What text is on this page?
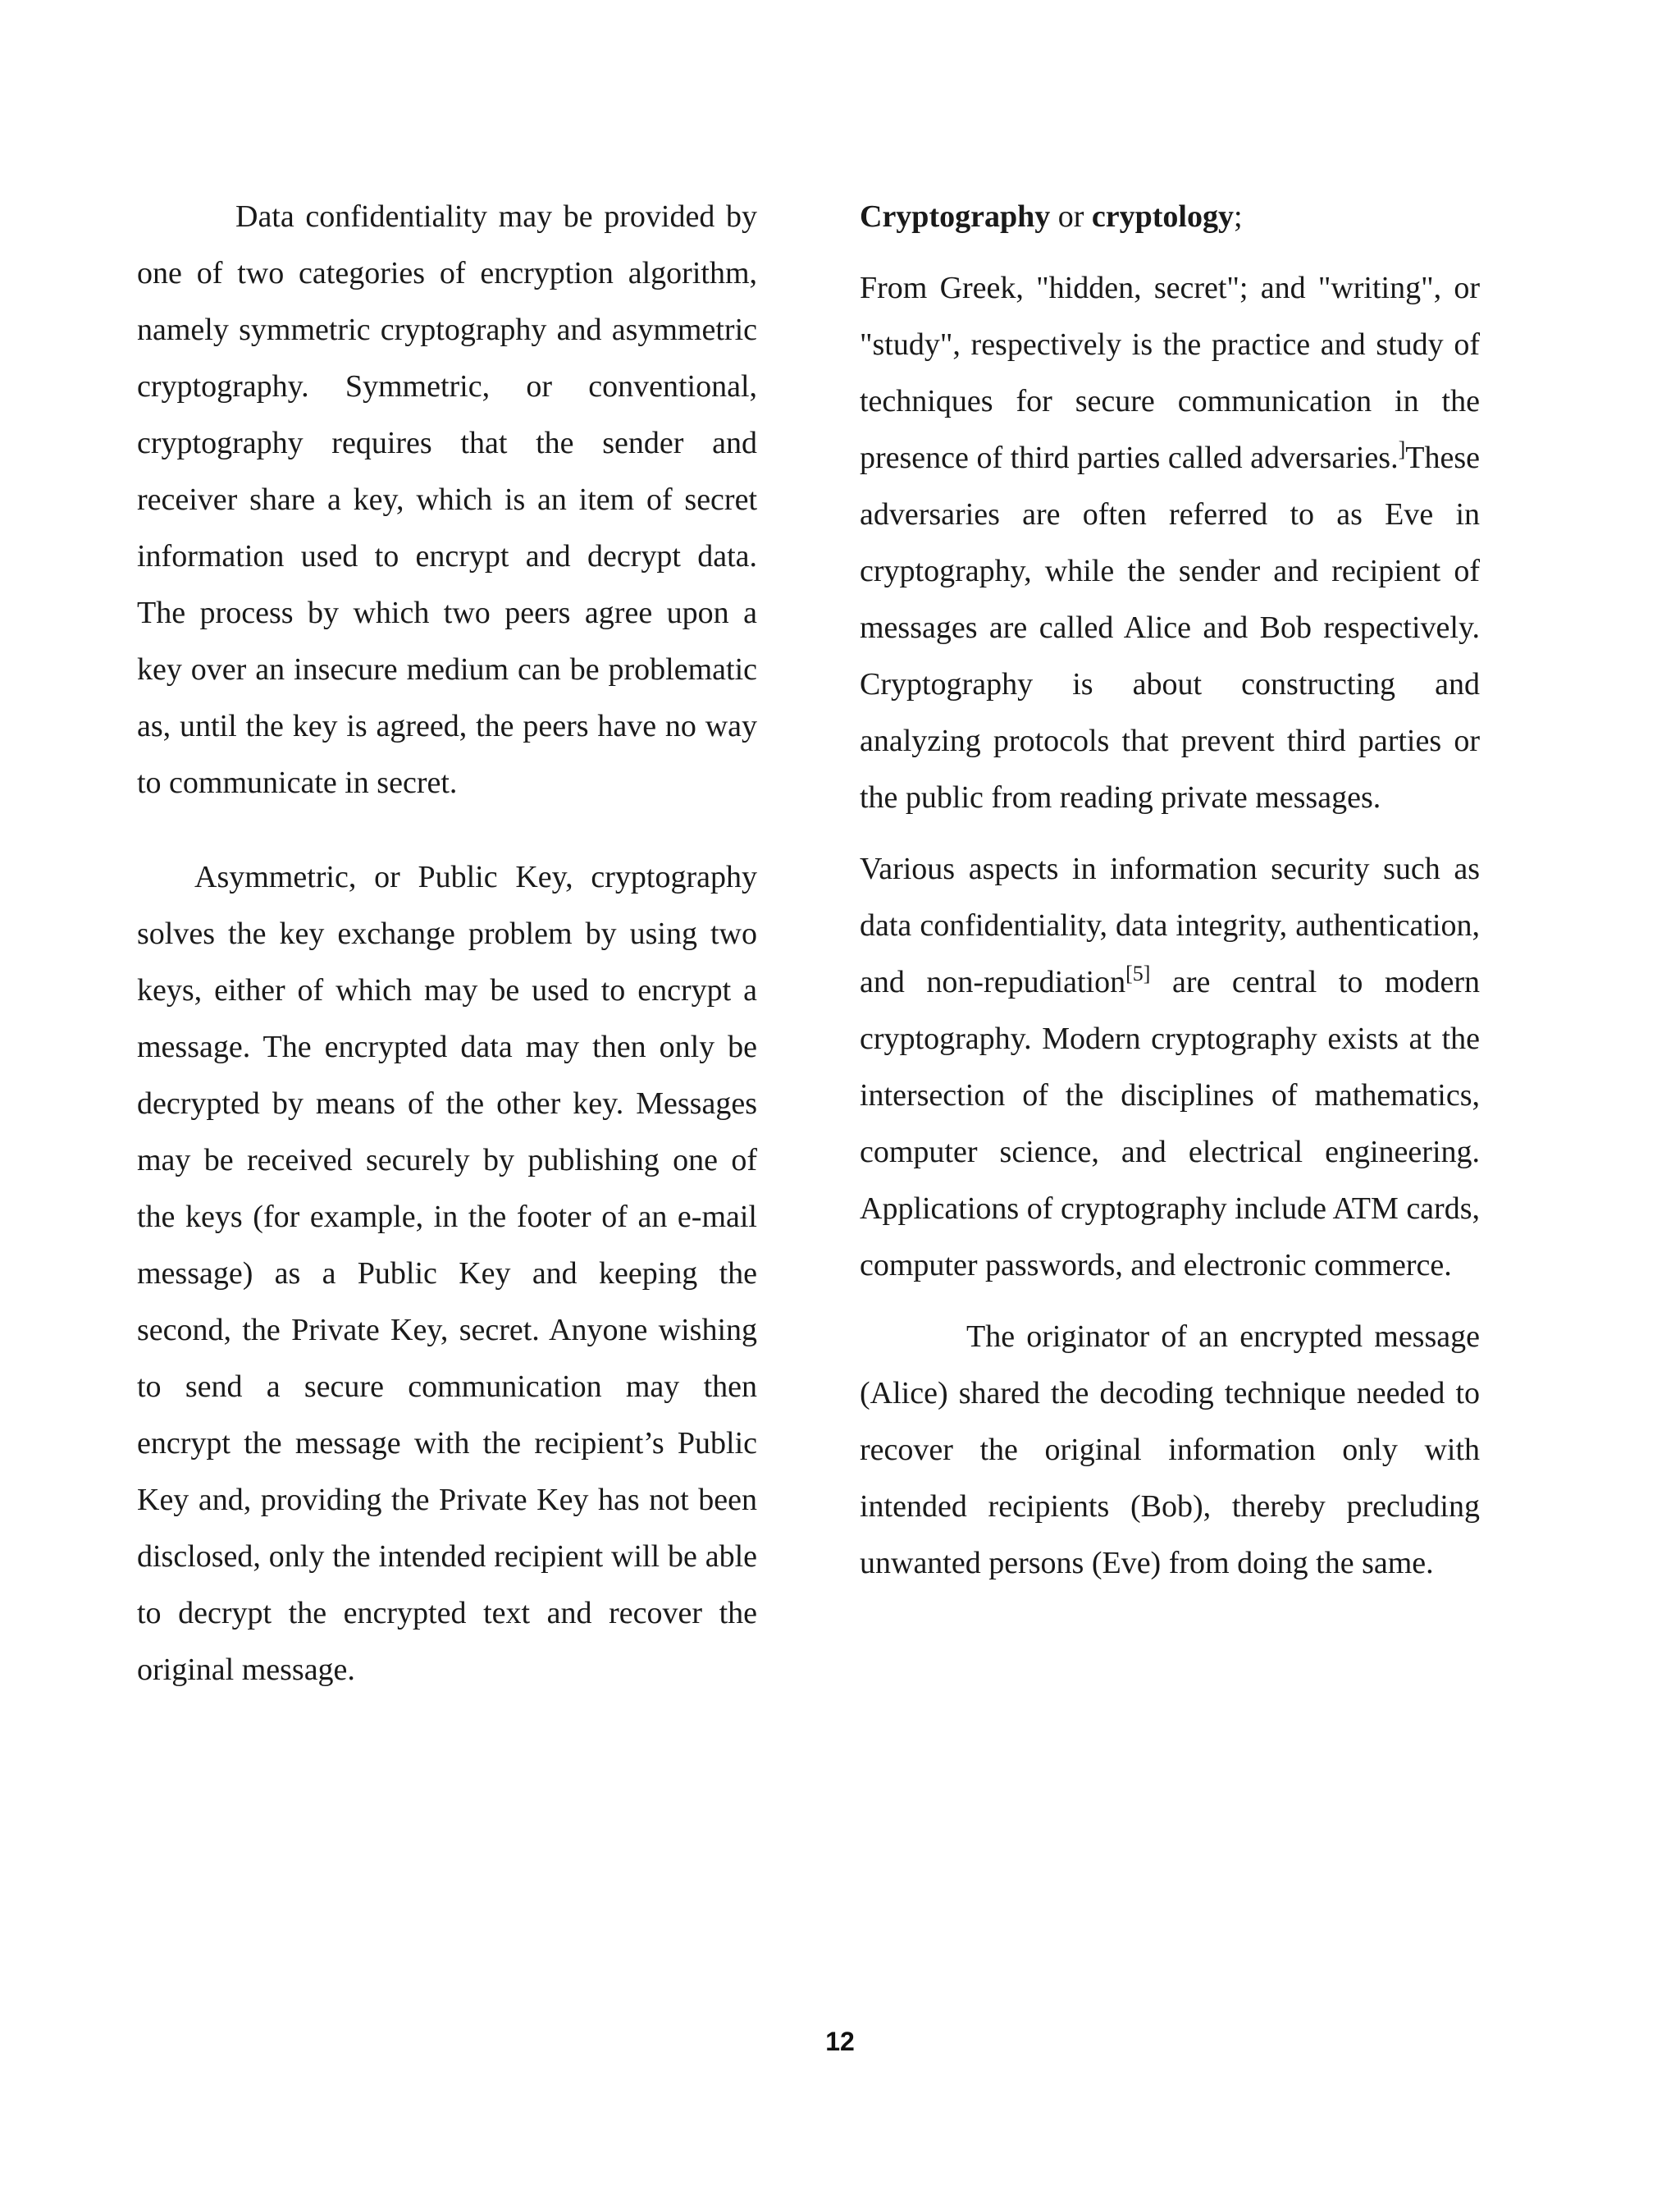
Data confidentiality may be provided by one of two categories of encryption algorithm, namely symmetric cryptography and asymmetric cryptography. Symmetric, or conventional, cryptography requires that the sender and receiver share a key, which is an item of secret information used to encrypt and decrypt data. The process by which two peers agree upon a key over an insecure medium can be problematic as, until the key is agreed, the peers have no way to communicate in secret.

Asymmetric, or Public Key, cryptography solves the key exchange problem by using two keys, either of which may be used to encrypt a message. The encrypted data may then only be decrypted by means of the other key. Messages may be received securely by publishing one of the keys (for example, in the footer of an e-mail message) as a Public Key and keeping the second, the Private Key, secret. Anyone wishing to send a secure communication may then encrypt the message with the recipient’s Public Key and, providing the Private Key has not been disclosed, only the intended recipient will be able to decrypt the encrypted text and recover the original message.

Cryptography or cryptology;

From Greek, "hidden, secret"; and "writing", or "study", respectively is the practice and study of techniques for secure communication in the presence of third parties called adversaries.]These adversaries are often referred to as Eve in cryptography, while the sender and recipient of messages are called Alice and Bob respectively. Cryptography is about constructing and analyzing protocols that prevent third parties or the public from reading private messages.

Various aspects in information security such as data confidentiality, data integrity, authentication, and non-repudiation[5] are central to modern cryptography. Modern cryptography exists at the intersection of the disciplines of mathematics, computer science, and electrical engineering. Applications of cryptography include ATM cards, computer passwords, and electronic commerce.

The originator of an encrypted message (Alice) shared the decoding technique needed to recover the original information only with intended recipients (Bob), thereby precluding unwanted persons (Eve) from doing the same.

12
